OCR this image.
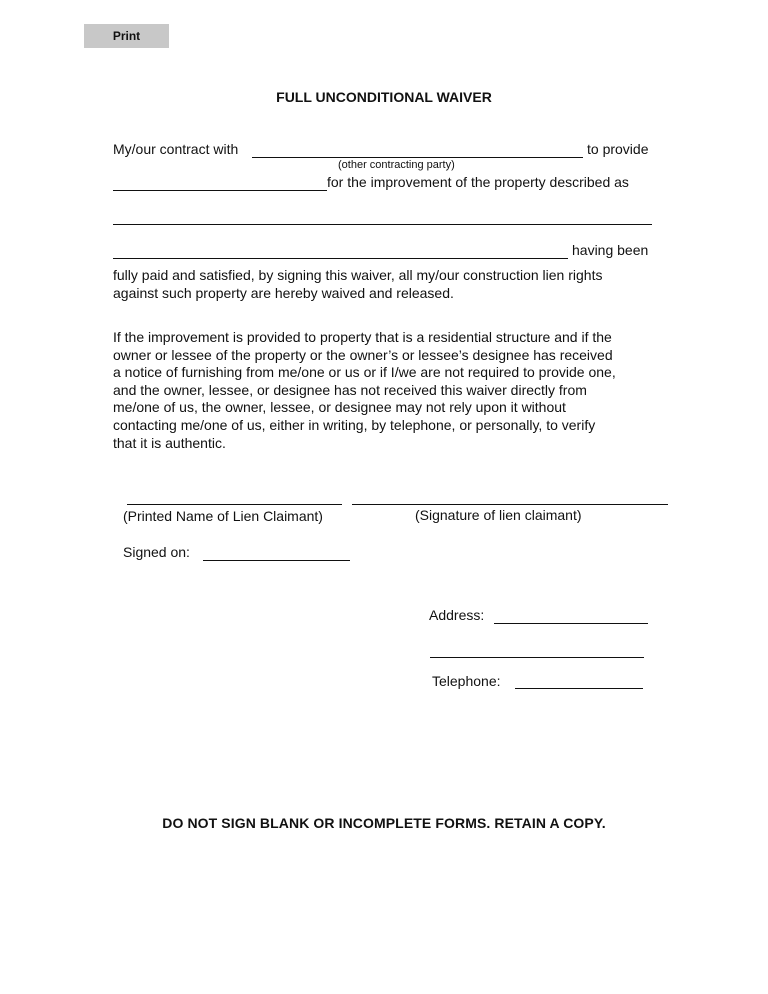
Print
FULL UNCONDITIONAL WAIVER
My/our contract with	to provide
(other contracting party)
for the improvement of the property described as
having been
fully paid and satisfied, by signing this waiver, all my/our construction lien rights
against such property are hereby waived and released.
If the improvement is provided to property that is a residential structure and if the
owner or lessee of the property or the owner’s or lessee’s designee has received
a notice of furnishing from me/one or us or if I/we are not required to provide one,
and the owner, lessee, or designee has not received this waiver directly from
me/one of us, the owner, lessee, or designee may not rely upon it without
contacting me/one of us, either in writing, by telephone, or personally, to verify
that it is authentic.
(Printed Name of Lien Claimant)	(Signature of lien claimant)
Signed on:
Address:
Telephone:
DO NOT SIGN BLANK OR INCOMPLETE FORMS. RETAIN A COPY.
